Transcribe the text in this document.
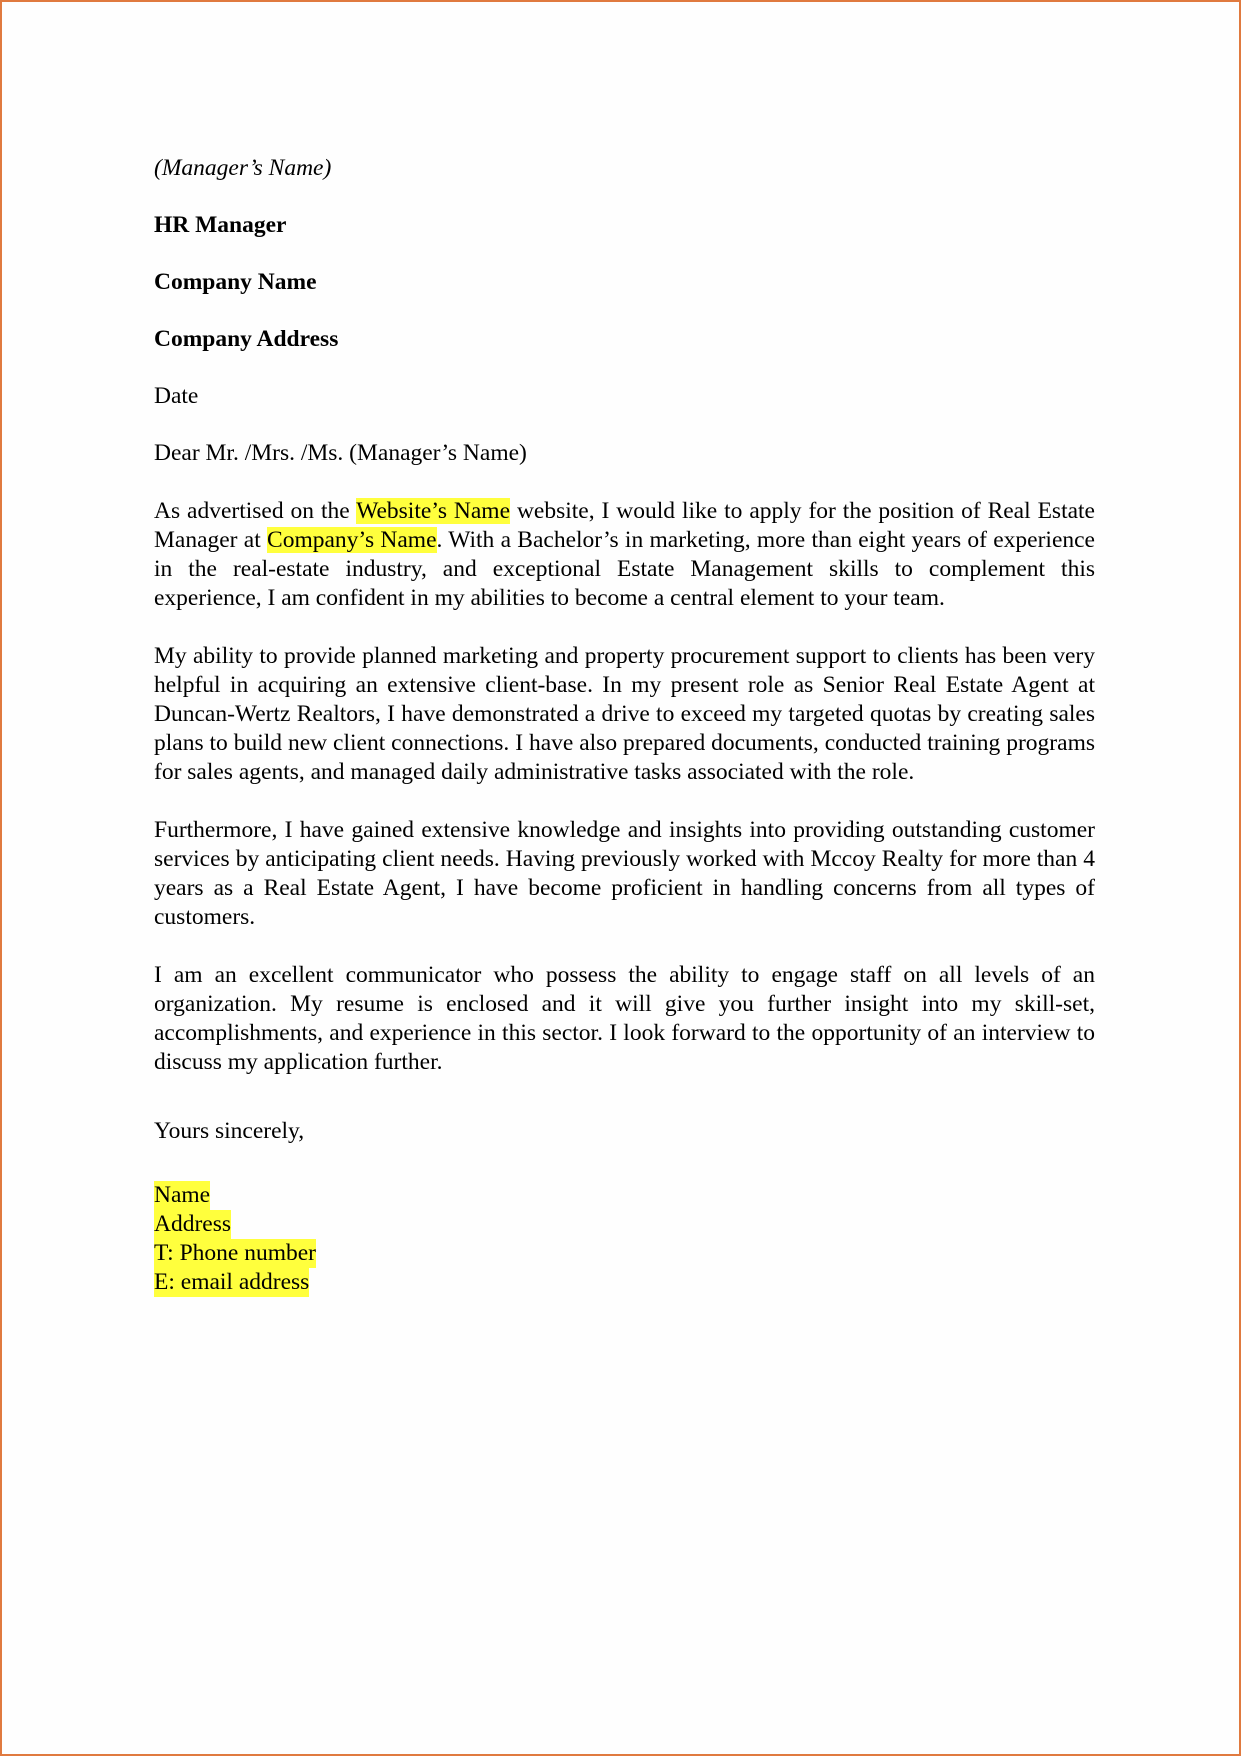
(Manager’s Name)

HR Manager

Company Name

Company Address

Date

Dear Mr. /Mrs. /Ms. (Manager’s Name)

As advertised on the Website’s Name website, I would like to apply for the position of Real Estate Manager at Company’s Name. With a Bachelor’s in marketing, more than eight years of experience in the real-estate industry, and exceptional Estate Management skills to complement this experience, I am confident in my abilities to become a central element to your team.

My ability to provide planned marketing and property procurement support to clients has been very helpful in acquiring an extensive client-base. In my present role as Senior Real Estate Agent at Duncan-Wertz Realtors, I have demonstrated a drive to exceed my targeted quotas by creating sales plans to build new client connections. I have also prepared documents, conducted training programs for sales agents, and managed daily administrative tasks associated with the role.

Furthermore, I have gained extensive knowledge and insights into providing outstanding customer services by anticipating client needs. Having previously worked with Mccoy Realty for more than 4 years as a Real Estate Agent, I have become proficient in handling concerns from all types of customers.

I am an excellent communicator who possess the ability to engage staff on all levels of an organization. My resume is enclosed and it will give you further insight into my skill-set, accomplishments, and experience in this sector. I look forward to the opportunity of an interview to discuss my application further.

Yours sincerely,

Name

Address

T: Phone number

E: email address
